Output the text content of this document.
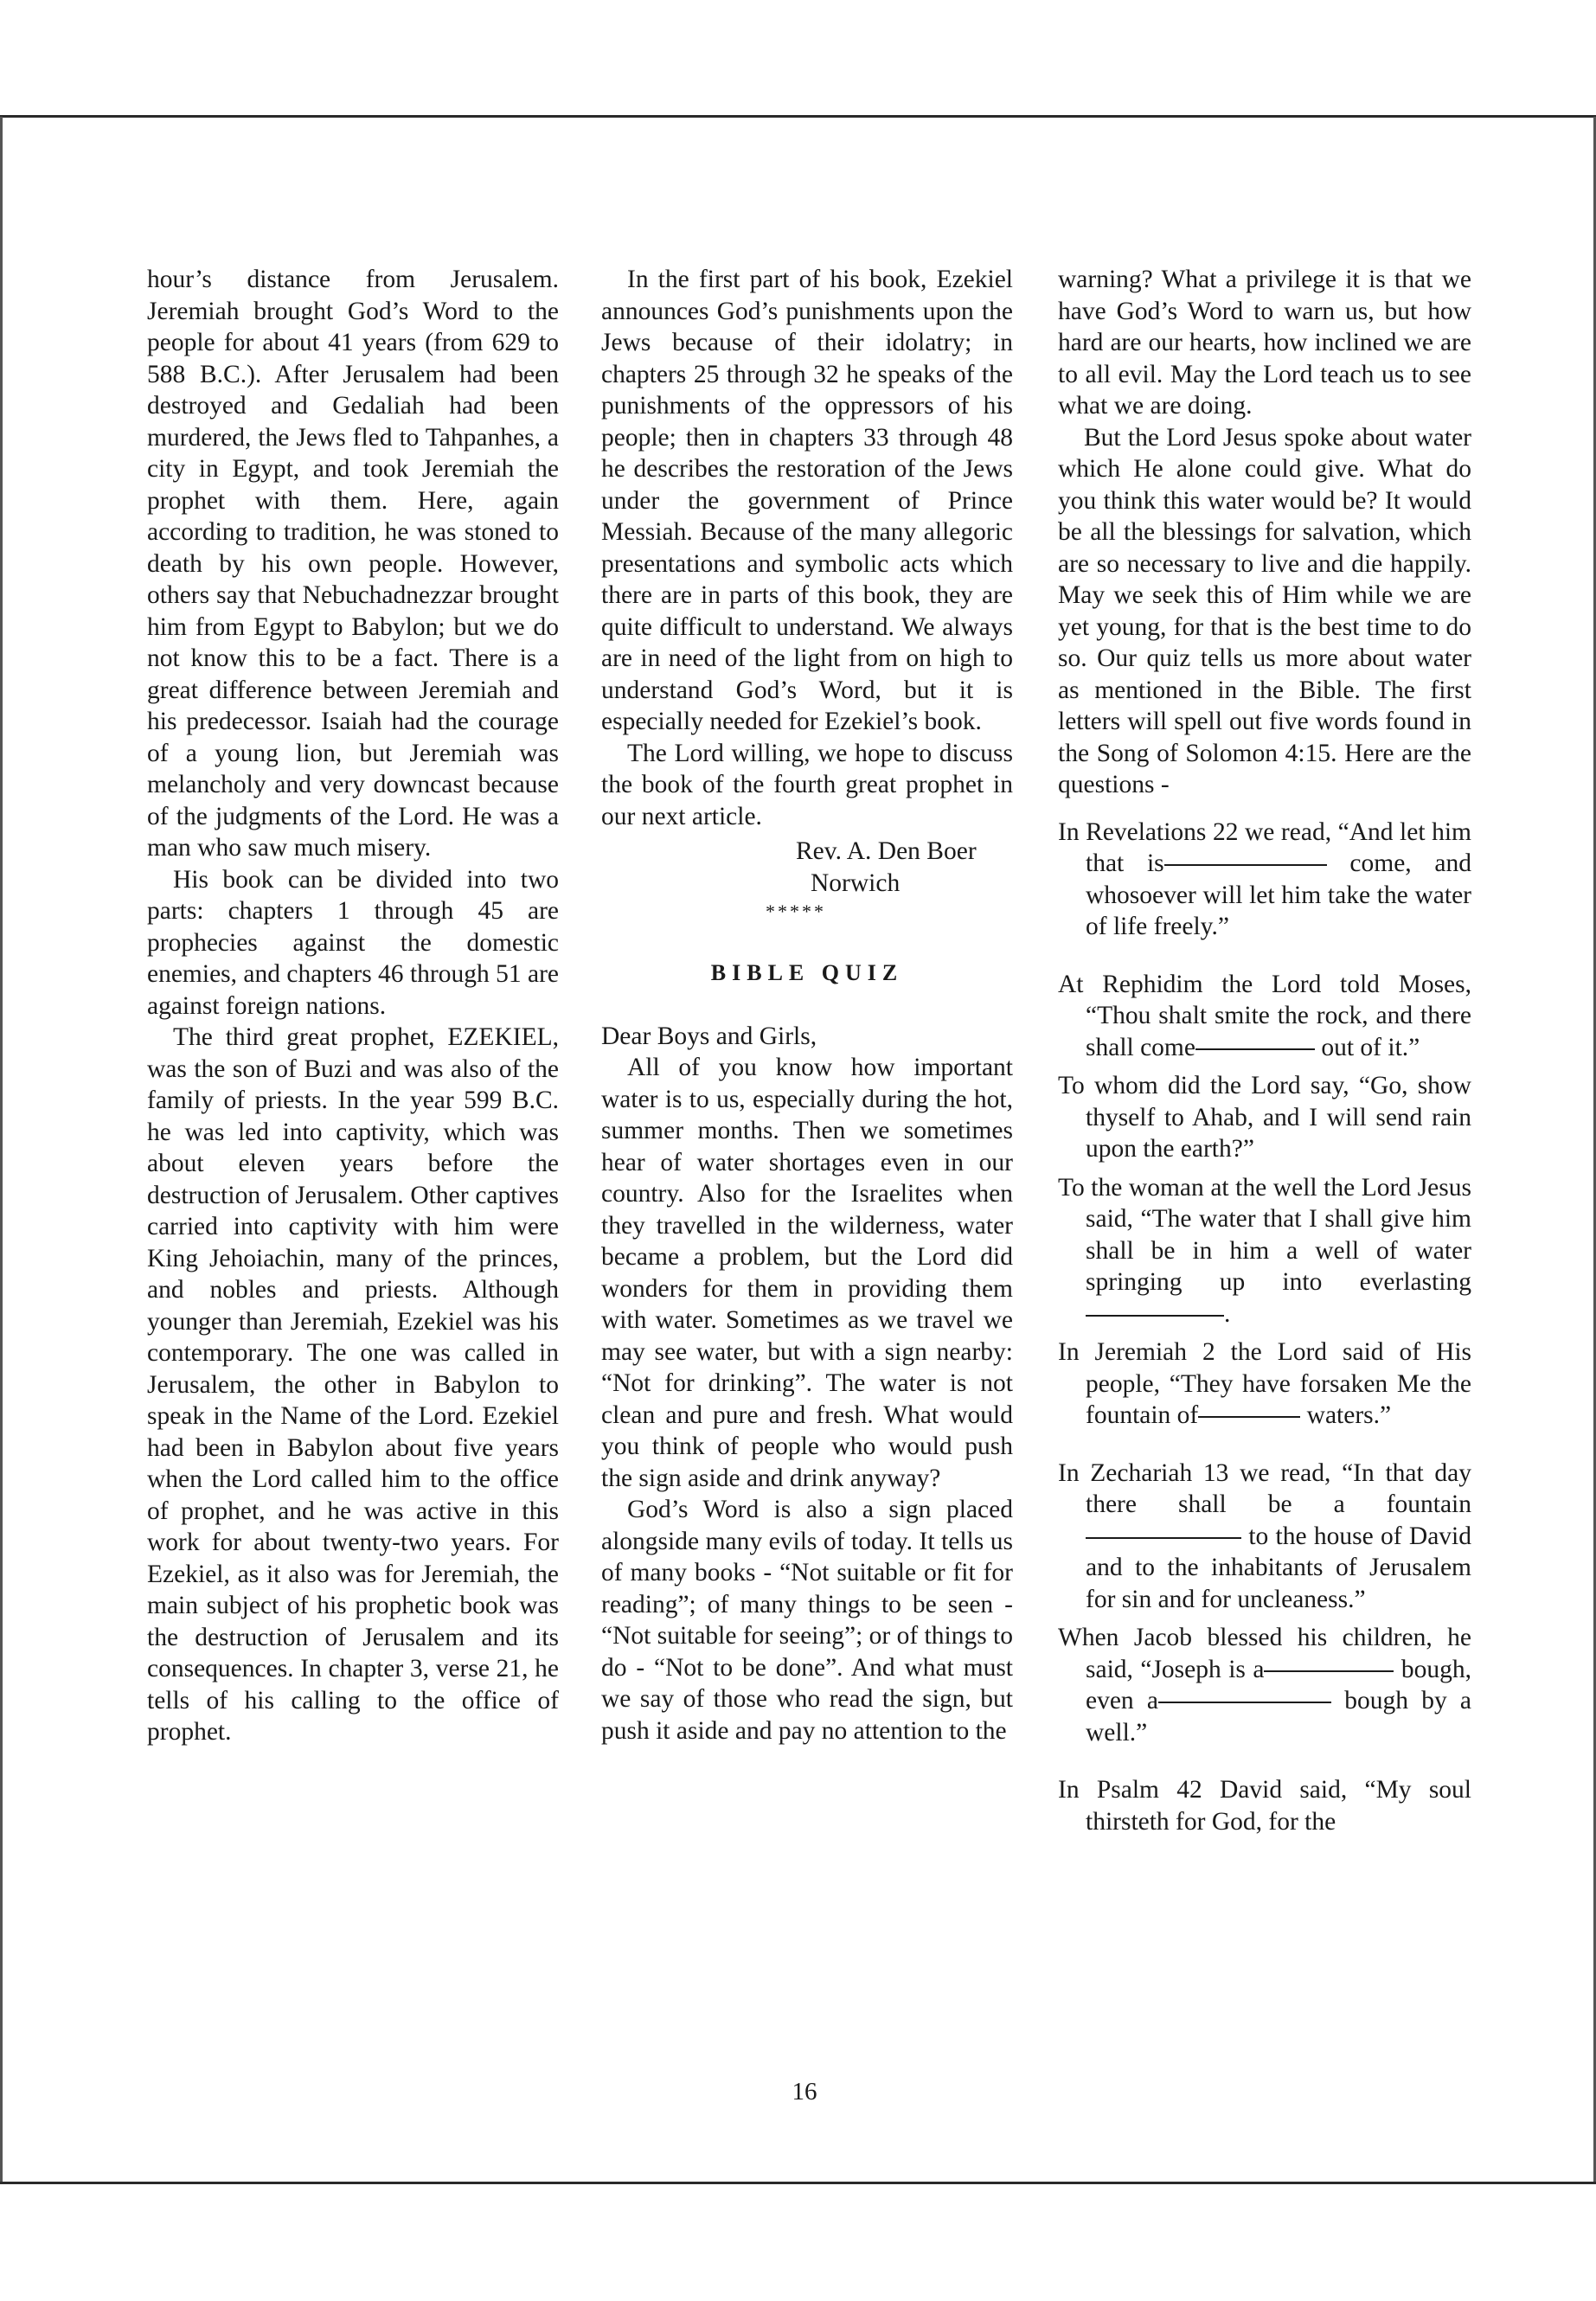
hour’s distance from Jerusalem. Jeremiah brought God’s Word to the people for about 41 years (from 629 to 588 B.C.). After Jerusalem had been destroyed and Gedaliah had been murdered, the Jews fled to Tahpanhes, a city in Egypt, and took Jeremiah the prophet with them. Here, again according to tradition, he was stoned to death by his own people. However, others say that Nebuchadnezzar brought him from Egypt to Babylon; but we do not know this to be a fact. There is a great difference between Jeremiah and his predecessor. Isaiah had the courage of a young lion, but Jeremiah was melancholy and very downcast because of the judgments of the Lord. He was a man who saw much misery.

His book can be divided into two parts: chapters 1 through 45 are prophecies against the domestic enemies, and chapters 46 through 51 are against foreign nations.

The third great prophet, EZEKIEL, was the son of Buzi and was also of the family of priests. In the year 599 B.C. he was led into captivity, which was about eleven years before the destruction of Jerusalem. Other captives carried into captivity with him were King Jehoiachin, many of the princes, and nobles and priests. Although younger than Jeremiah, Ezekiel was his contemporary. The one was called in Jerusalem, the other in Babylon to speak in the Name of the Lord. Ezekiel had been in Babylon about five years when the Lord called him to the office of prophet, and he was active in this work for about twenty-two years. For Ezekiel, as it also was for Jeremiah, the main subject of his prophetic book was the destruction of Jerusalem and its consequences. In chapter 3, verse 21, he tells of his calling to the office of prophet.

In the first part of his book, Ezekiel announces God’s punishments upon the Jews because of their idolatry; in chapters 25 through 32 he speaks of the punishments of the oppressors of his people; then in chapters 33 through 48 he describes the restoration of the Jews under the government of Prince Messiah. Because of the many allegoric presentations and symbolic acts which there are in parts of this book, they are quite difficult to understand. We always are in need of the light from on high to understand God’s Word, but it is especially needed for Ezekiel’s book.

The Lord willing, we hope to discuss the book of the fourth great prophet in our next article.

Rev. A. Den Boer

Norwich

*****

BIBLE QUIZ

Dear Boys and Girls,

All of you know how important water is to us, especially during the hot, summer months. Then we sometimes hear of water shortages even in our country. Also for the Israelites when they travelled in the wilderness, water became a problem, but the Lord did wonders for them in providing them with water. Sometimes as we travel we may see water, but with a sign nearby: “Not for drinking”. The water is not clean and pure and fresh. What would you think of people who would push the sign aside and drink anyway?

God’s Word is also a sign placed alongside many evils of today. It tells us of many books - “Not suitable or fit for reading”; of many things to be seen - “Not suitable for seeing”; or of things to do - “Not to be done”. And what must we say of those who read the sign, but push it aside and pay no attention to the

warning? What a privilege it is that we have God’s Word to warn us, but how hard are our hearts, how inclined we are to all evil. May the Lord teach us to see what we are doing.

But the Lord Jesus spoke about water which He alone could give. What do you think this water would be? It would be all the blessings for salvation, which are so necessary to live and die happily. May we seek this of Him while we are yet young, for that is the best time to do so. Our quiz tells us more about water as mentioned in the Bible. The first letters will spell out five words found in the Song of Solomon 4:15. Here are the questions -

In Revelations 22 we read, “And let him that is	come, and whosoever will let him take the water of life freely.”

At Rephidim the Lord told Moses, “Thou shalt smite the rock, and there shall come	out of it.”

To whom did the Lord say, “Go, show thyself to Ahab, and I will send rain upon the earth?”

To the woman at the well the Lord Jesus said, “The water that I shall give him shall be in him a well of water springing up into everlasting.

In Jeremiah 2 the Lord said of His people, “They have forsaken Me the fountain of	waters.”

In Zechariah 13 we read, “In that day there shall be a fountain  to the house of David and to the inhabitants of Jerusalem for sin and for uncleaness.”

When Jacob blessed his children, he said, “Joseph is a	bough, even a	bough by a well.”

In Psalm 42 David said, “My soul thirsteth for God, for the

16
